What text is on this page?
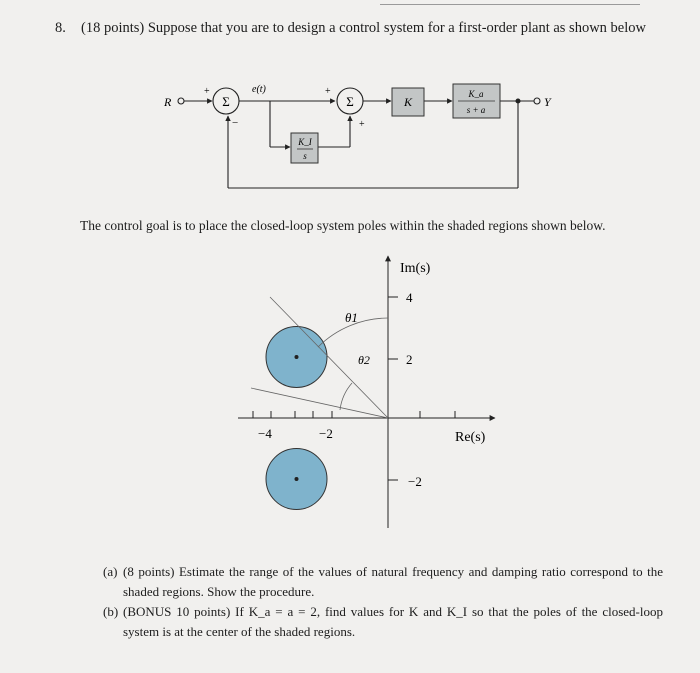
8. (18 points) Suppose that you are to design a control system for a first-order plant as shown below
R	Y
e(t)
Σ	Σ
+
−
+
+
K
K_I
s
K_a
s + a
The control goal is to place the closed-loop system poles within the shaded regions shown below.
Im(s)
Re(s)
θ1
θ2
4
2
−2
−4	−2
(a) (8 points) Estimate the range of the values of natural frequency and damping ratio correspond to the shaded regions. Show the procedure.
(b) (BONUS 10 points) If K_a = a = 2, find values for K and K_I so that the poles of the closed-loop system is at the center of the shaded regions.
